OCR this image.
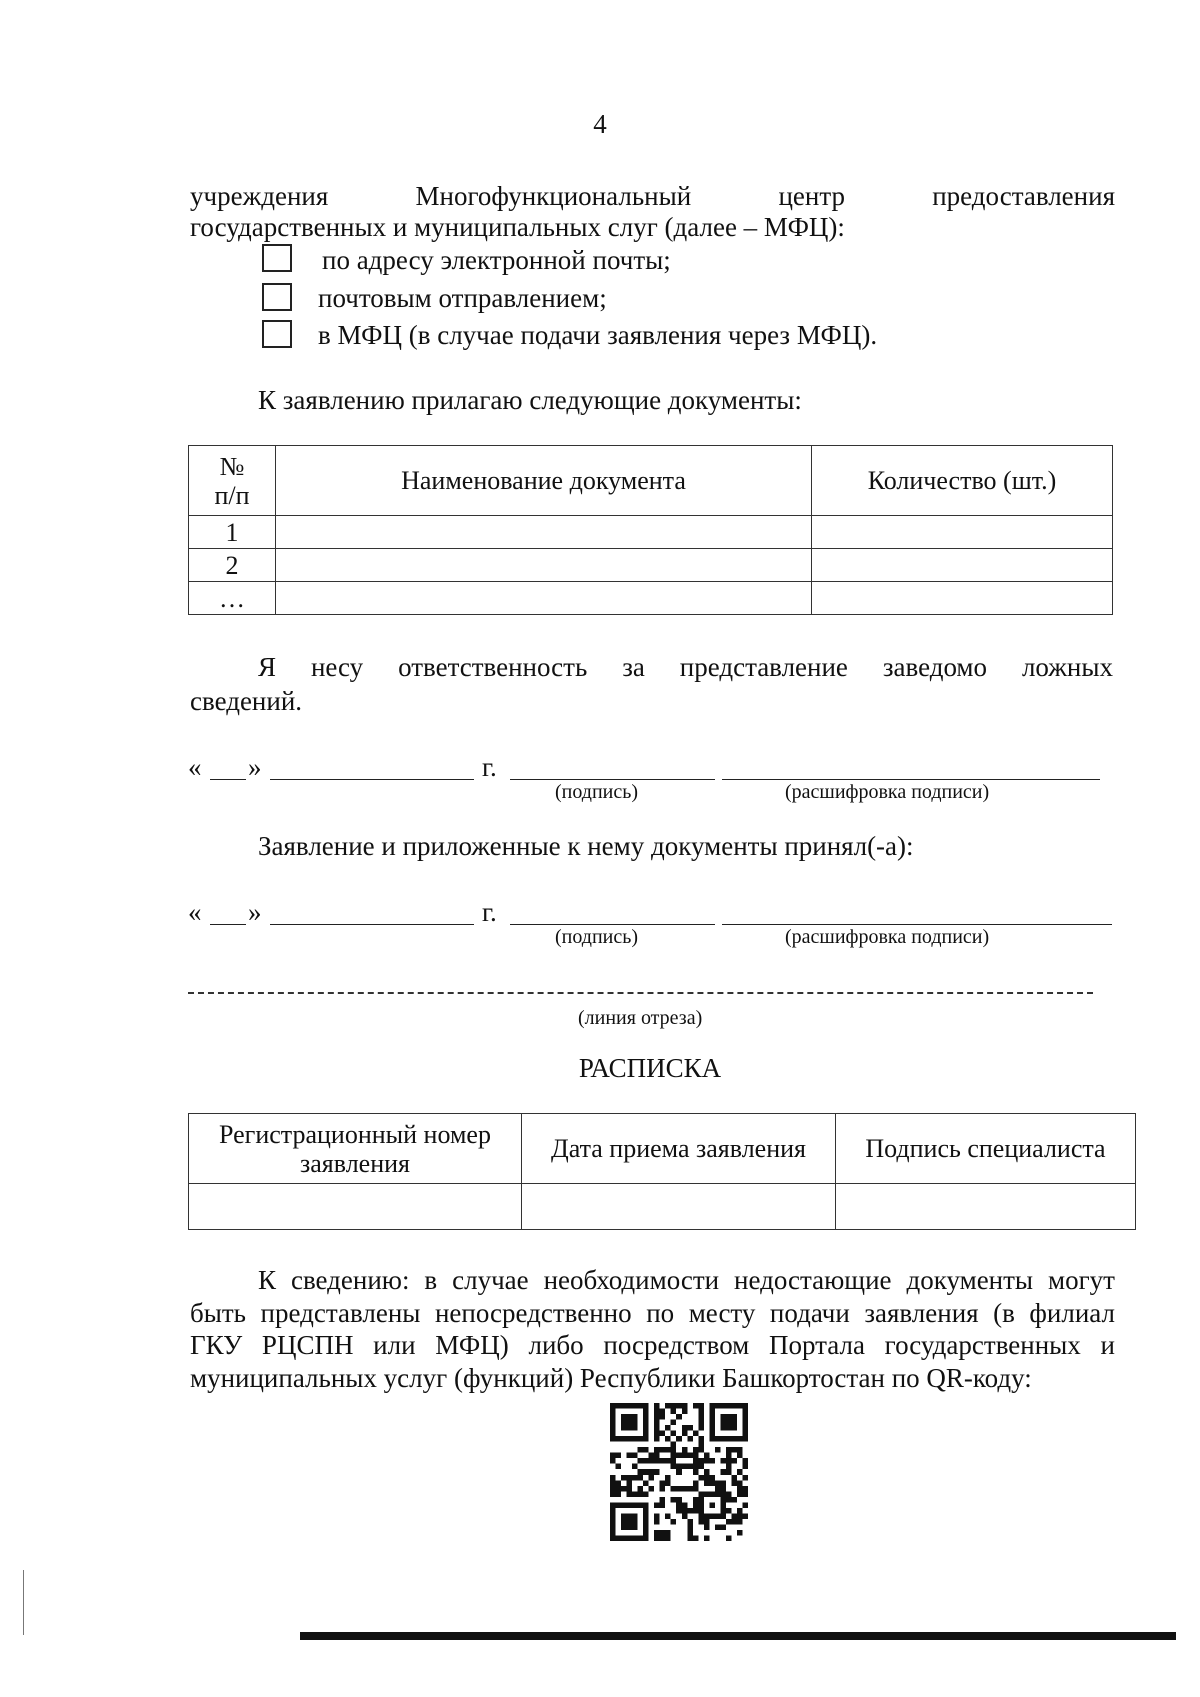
4
учреждения	Многофункциональный	центр	предоставления
государственных и муниципальных слуг (далее – МФЦ):
по адресу электронной почты;
почтовым отправлением;
в МФЦ (в случае подачи заявления через МФЦ).
К заявлению прилагаю следующие документы:
№
п/п	Наименование документа	Количество (шт.)
1		
2		
…		
Я несу ответственность за представление заведомо ложных
сведений.
« »	г.
(подпись)	(расшифровка подписи)
Заявление и приложенные к нему документы принял(-а):
« »	г.
(подпись)	(расшифровка подписи)
(линия отреза)
РАСПИСКА
Регистрационный номер заявления	Дата приема заявления	Подпись специалиста

К сведению: в случае необходимости недостающие документы могут
быть представлены непосредственно по месту подачи заявления (в филиал
ГКУ РЦСПН или МФЦ) либо посредством Портала государственных и
муниципальных услуг (функций) Республики Башкортостан по QR-коду:
